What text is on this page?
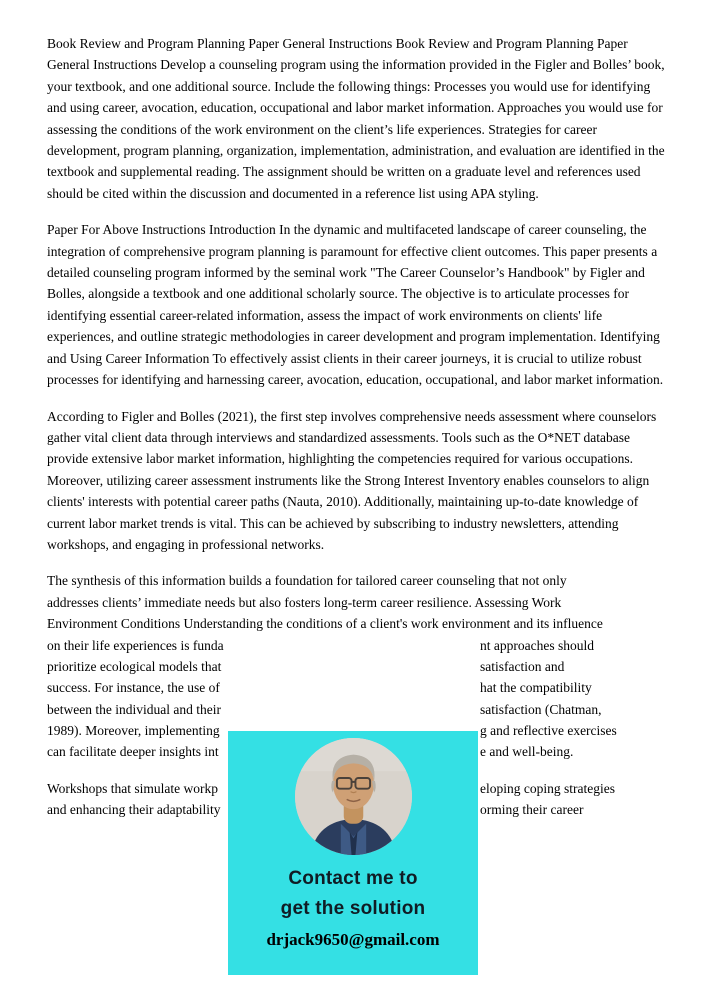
Book Review and Program Planning Paper General Instructions Book Review and Program Planning Paper General Instructions Develop a counseling program using the information provided in the Figler and Bolles’ book, your textbook, and one additional source. Include the following things: Processes you would use for identifying and using career, avocation, education, occupational and labor market information. Approaches you would use for assessing the conditions of the work environment on the client’s life experiences. Strategies for career development, program planning, organization, implementation, administration, and evaluation are identified in the textbook and supplemental reading. The assignment should be written on a graduate level and references used should be cited within the discussion and documented in a reference list using APA styling.

Paper For Above Instructions Introduction In the dynamic and multifaceted landscape of career counseling, the integration of comprehensive program planning is paramount for effective client outcomes. This paper presents a detailed counseling program informed by the seminal work "The Career Counselor’s Handbook" by Figler and Bolles, alongside a textbook and one additional scholarly source. The objective is to articulate processes for identifying essential career-related information, assess the impact of work environments on clients' life experiences, and outline strategic methodologies in career development and program implementation. Identifying and Using Career Information To effectively assist clients in their career journeys, it is crucial to utilize robust processes for identifying and harnessing career, avocation, education, occupational, and labor market information.

According to Figler and Bolles (2021), the first step involves comprehensive needs assessment where counselors gather vital client data through interviews and standardized assessments. Tools such as the O*NET database provide extensive labor market information, highlighting the competencies required for various occupations. Moreover, utilizing career assessment instruments like the Strong Interest Inventory enables counselors to align clients' interests with potential career paths (Nauta, 2010). Additionally, maintaining up-to-date knowledge of current labor market trends is vital. This can be achieved by subscribing to industry newsletters, attending workshops, and engaging in professional networks.

The synthesis of this information builds a foundation for tailored career counseling that not only
addresses clients’ immediate needs but also fosters long-term career resilience. Assessing Work
Environment Conditions Understanding the conditions of a client's work environment and its influence
on their life experiences is funda	nt approaches should
prioritize ecological models that	satisfaction and
success. For instance, the use of	hat the compatibility
between the individual and their	satisfaction (Chatman,
1989). Moreover, implementing	g and reflective exercises
can facilitate deeper insights int	e and well-being.

Workshops that simulate workp	eloping coping strategies
and enhancing their adaptability	orming their career

Contact me to
get the solution
drjack9650@gmail.com
